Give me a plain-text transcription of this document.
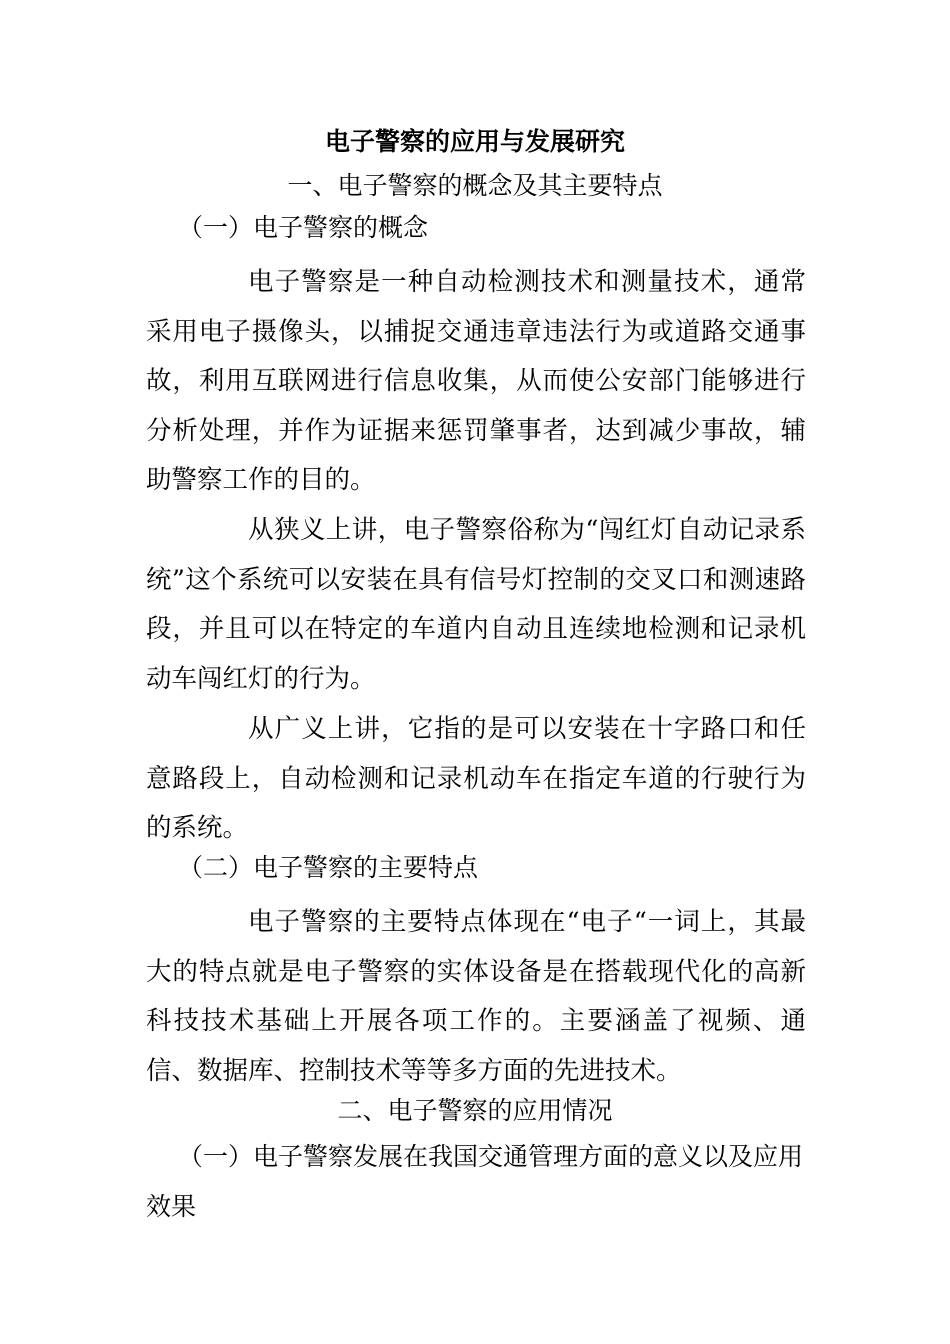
电子警察的应用与发展研究
一、电子警察的概念及其主要特点
（一）电子警察的概念
电子警察是一种自动检测技术和测量技术，通常采用电子摄像头，以捕捉交通违章违法行为或道路交通事故，利用互联网进行信息收集，从而使公安部门能够进行分析处理，并作为证据来惩罚肇事者，达到减少事故，辅助警察工作的目的。
从狭义上讲，电子警察俗称为“闯红灯自动记录系统”这个系统可以安装在具有信号灯控制的交叉口和测速路段，并且可以在特定的车道内自动且连续地检测和记录机动车闯红灯的行为。
从广义上讲，它指的是可以安装在十字路口和任意路段上，自动检测和记录机动车在指定车道的行驶行为的系统。
（二）电子警察的主要特点
电子警察的主要特点体现在“电子“一词上，其最大的特点就是电子警察的实体设备是在搭载现代化的高新科技技术基础上开展各项工作的。主要涵盖了视频、通信、数据库、控制技术等等多方面的先进技术。
二、电子警察的应用情况
（一）电子警察发展在我国交通管理方面的意义以及应用效果
